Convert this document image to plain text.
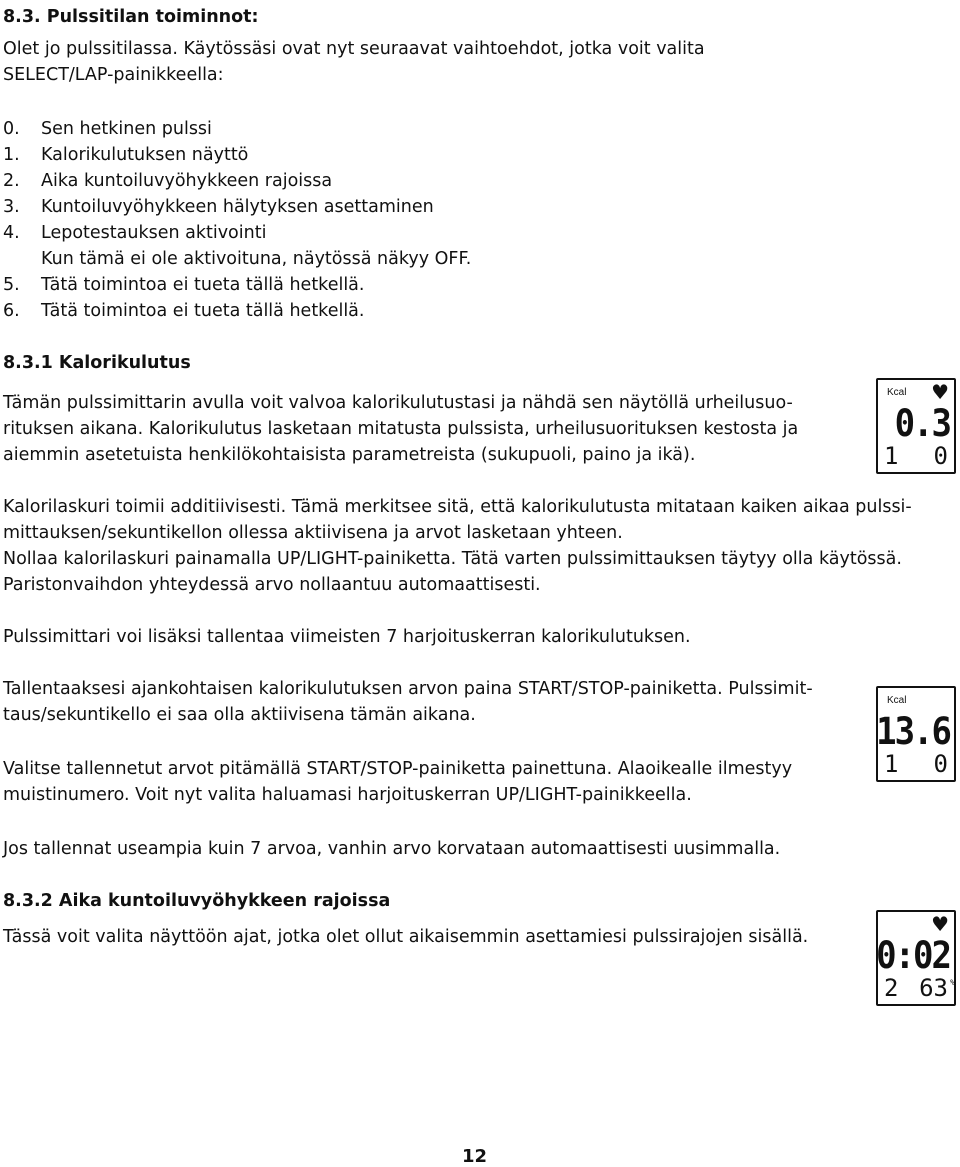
8.3. Pulssitilan toiminnot:
Olet jo pulssitilassa. Käytössäsi ovat nyt seuraavat vaihtoehdot, jotka voit valita
SELECT/LAP-painikkeella:
0. Sen hetkinen pulssi
1. Kalorikulutuksen näyttö
2. Aika kuntoiluvyöhykkeen rajoissa
3. Kuntoiluvyöhykkeen hälytyksen asettaminen
4. Lepotestauksen aktivointi
Kun tämä ei ole aktivoituna, näytössä näkyy OFF.
5. Tätä toimintoa ei tueta tällä hetkellä.
6. Tätä toimintoa ei tueta tällä hetkellä.
8.3.1 Kalorikulutus
Tämän pulssimittarin avulla voit valvoa kalorikulutustasi ja nähdä sen näytöllä urheilusuo-
rituksen aikana. Kalorikulutus lasketaan mitatusta pulssista, urheilusuorituksen kestosta ja
aiemmin asetetuista henkilökohtaisista parametreista (sukupuoli, paino ja ikä).
Kalorilaskuri toimii additiivisesti. Tämä merkitsee sitä, että kalorikulutusta mitataan kaiken aikaa pulssi-
mittauksen/sekuntikellon ollessa aktiivisena ja arvot lasketaan yhteen.
Nollaa kalorilaskuri painamalla UP/LIGHT-painiketta. Tätä varten pulssimittauksen täytyy olla käytössä.
Paristonvaihdon yhteydessä arvo nollaantuu automaattisesti.
Pulssimittari voi lisäksi tallentaa viimeisten 7 harjoituskerran kalorikulutuksen.
Tallentaaksesi ajankohtaisen kalorikulutuksen arvon paina START/STOP-painiketta. Pulssimit-
taus/sekuntikello ei saa olla aktiivisena tämän aikana.
Valitse tallennetut arvot pitämällä START/STOP-painiketta painettuna. Alaoikealle ilmestyy
muistinumero. Voit nyt valita haluamasi harjoituskerran UP/LIGHT-painikkeella.
Jos tallennat useampia kuin 7 arvoa, vanhin arvo korvataan automaattisesti uusimmalla.
8.3.2 Aika kuntoiluvyöhykkeen rajoissa
Tässä voit valita näyttöön ajat, jotka olet ollut aikaisemmin asettamiesi pulssirajojen sisällä.
Kcal ♥
0.3
1 0
Kcal
13.6
1 0
♥
0:02
2 63 %
12
